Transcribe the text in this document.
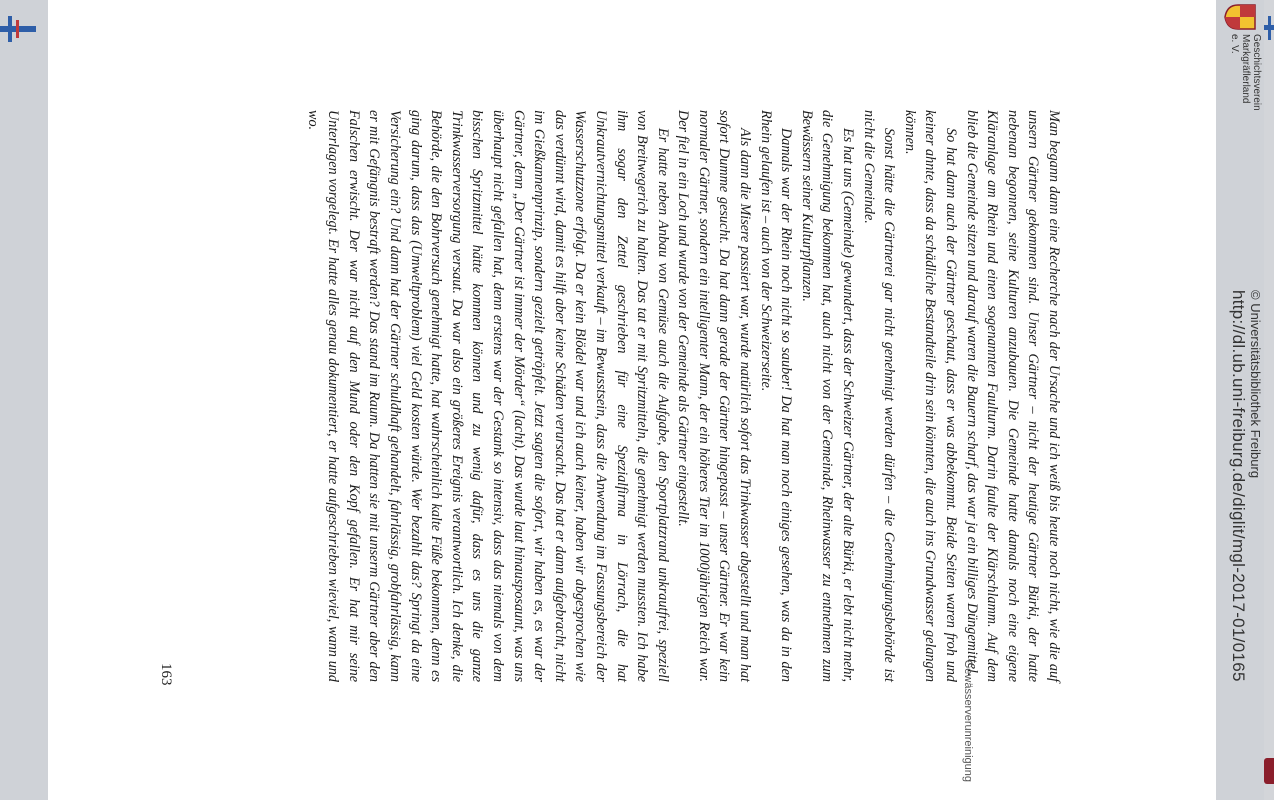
Geschichtsverein Markgräflerland e. V.
© Universitätsbibliothek Freiburg
http://dl.ub.uni-freiburg.de/diglit/mgl-2017-01/0165

Man begann dann eine Recherche nach der Ursache und ich weiß bis heute noch nicht, wie die auf unsern Gärtner gekommen sind. Unser Gärtner – nicht der heutige Gärtner Bürki, der hatte nebenan begonnen, seine Kulturen anzubauen. Die Gemeinde hatte damals noch eine eigene Kläranlage am Rhein und einen sogenannten Faulturm. Darin faulte der Klärschlamm. Auf dem blieb die Gemeinde sitzen und darauf waren die Bauern scharf, das war ja ein billiges Düngemittel.

So hat dann auch der Gärtner geschaut, dass er was abbekommt. Beide Seiten waren froh und keiner ahnte, dass da schädliche Bestandteile drin sein könnten, die auch ins Grundwasser gelangen können.

Sonst hätte die Gärtnerei gar nicht genehmigt werden dürfen – die Genehmigungsbehörde ist nicht die Gemeinde.

Es hat uns (Gemeinde) gewundert, dass der Schweizer Gärtner, der alte Bürki, er lebt nicht mehr, die Genehmigung bekommen hat, auch nicht von der Gemeinde, Rheinwasser zu entnehmen zum Bewässern seiner Kulturpflanzen.

Damals war der Rhein noch nicht so sauber! Da hat man noch einiges gesehen, was da in den Rhein gelaufen ist – auch von der Schweizerseite.

Als dann die Misere passiert war, wurde natürlich sofort das Trinkwasser abgestellt und man hat sofort Dumme gesucht. Da hat dann gerade der Gärtner hingepasst – unser Gärtner. Er war kein normaler Gärtner, sondern ein intelligenter Mann, der ein höheres Tier im 1000jährigen Reich war. Der fiel in ein Loch und wurde von der Gemeinde als Gärtner eingestellt.

Er hatte neben Anbau von Gemüse auch die Aufgabe, den Sportplatzrand unkrautfrei, speziell von Breitwegerich zu halten. Das tat er mit Spritzmitteln, die genehmigt werden mussten. Ich habe ihm sogar den Zettel geschrieben für eine Spezialfirma in Lörrach, die hat Unkrautvernichtungsmittel verkauft – im Bewusstsein, dass die Anwendung im Fassungsbereich der Wasserschutzzone erfolgt. Da er kein Blödel war und ich auch keiner, haben wir abgesprochen wie das verdünnt wird, damit es hilft aber keine Schäden verursacht. Das hat er dann aufgebracht, nicht im Gießkannenprinzip, sondern gezielt getröpfelt. Jetzt sagten die sofort, wir haben es, es war der Gärtner, denn „Der Gärtner ist immer der Mörder“ (lacht). Das wurde laut hinausposaunt, was uns überhaupt nicht gefallen hat, denn erstens war der Gestank so intensiv, dass das niemals von dem bisschen Spritzmittel hätte kommen können und zu wenig dafür, dass es uns die ganze Trinkwasserversorgung versaut. Da war also ein größeres Ereignis verantwortlich. Ich denke, die Behörde, die den Bohrversuch genehmigt hatte, hat wahrscheinlich kalte Füße bekommen, denn es ging darum, dass das (Umweltproblem) viel Geld kosten würde. Wer bezahlt das? Springt da eine Versicherung ein? Und dann hat der Gärtner schuldhaft gehandelt, fahrlässig, grobfahrlässig, kann er mit Gefängnis bestraft werden? Das stand im Raum. Da hatten sie mit unserm Gärtner aber den Falschen erwischt. Der war nicht auf den Mund oder den Kopf gefallen. Er hat mir seine Unterlagen vorgelegt. Er hatte alles genau dokumentiert, er hatte aufgeschrieben wieviel, wann und wo.

163	Gewässerverunreinigung
